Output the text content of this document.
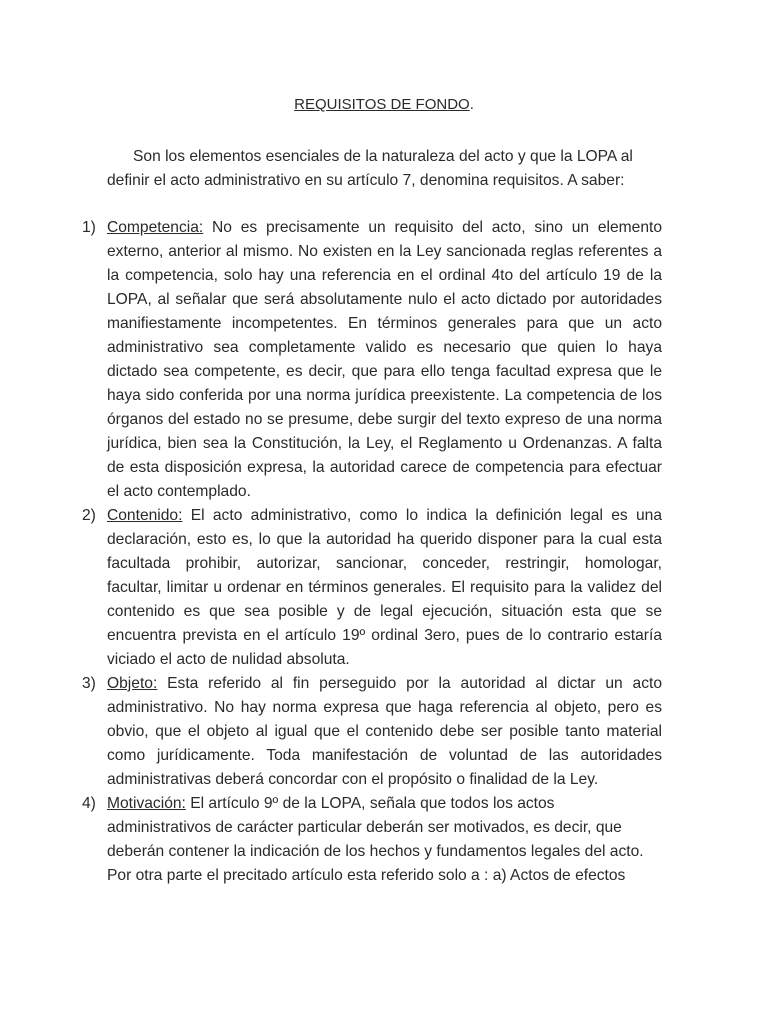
REQUISITOS DE FONDO.
Son los elementos esenciales de la naturaleza del acto y que la LOPA al
definir el acto administrativo en su artículo 7, denomina requisitos. A saber:
1) Competencia: No es precisamente un requisito del acto, sino un elemento
externo, anterior al mismo. No existen en la Ley sancionada reglas referentes a
la competencia, solo hay una referencia en el ordinal 4to del artículo 19 de la
LOPA, al señalar que será absolutamente nulo el acto dictado por autoridades
manifiestamente incompetentes. En términos generales para que un acto
administrativo sea completamente valido es necesario que quien lo haya
dictado sea competente, es decir, que para ello tenga facultad expresa que le
haya sido conferida por una norma jurídica preexistente. La competencia de los
órganos del estado no se presume, debe surgir del texto expreso de una norma
jurídica, bien sea la Constitución, la Ley, el Reglamento u Ordenanzas. A falta
de esta disposición expresa, la autoridad carece de competencia para efectuar
el acto contemplado.
2) Contenido: El acto administrativo, como lo indica la definición legal es una
declaración, esto es, lo que la autoridad ha querido disponer para la cual esta
facultada prohibir, autorizar, sancionar, conceder, restringir, homologar,
facultar, limitar u ordenar en términos generales. El requisito para la validez del
contenido es que sea posible y de legal ejecución, situación esta que se
encuentra prevista en el artículo 19º ordinal 3ero, pues de lo contrario estaría
viciado el acto de nulidad absoluta.
3) Objeto: Esta referido al fin perseguido por la autoridad al dictar un acto
administrativo. No hay norma expresa que haga referencia al objeto, pero es
obvio, que el objeto al igual que el contenido debe ser posible tanto material
como jurídicamente. Toda manifestación de voluntad de las autoridades
administrativas deberá concordar con el propósito o finalidad de la Ley.
4) Motivación: El artículo 9º de la LOPA, señala que todos los actos
administrativos de carácter particular deberán ser motivados, es decir, que
deberán contener la indicación de los hechos y fundamentos legales del acto.
Por otra parte el precitado artículo esta referido solo a : a) Actos de efectos
